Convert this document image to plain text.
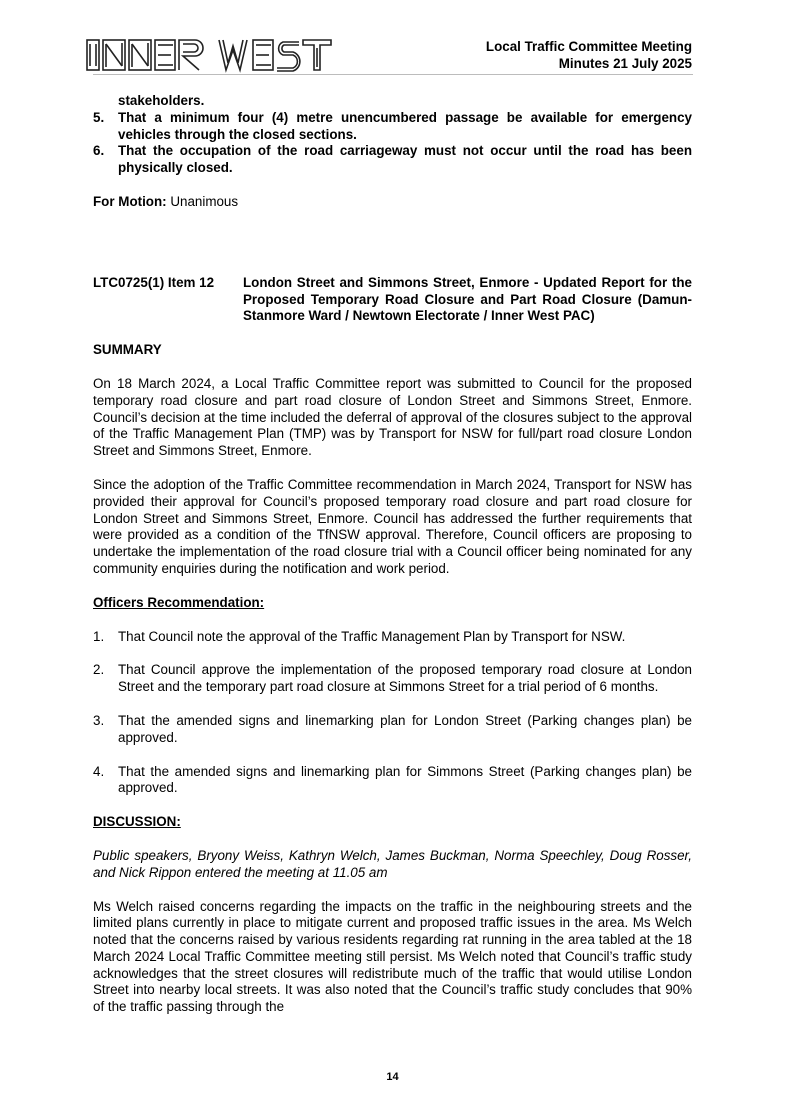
Local Traffic Committee Meeting
Minutes 21 July 2025
stakeholders.
5.	That a minimum four (4) metre unencumbered passage be available for emergency vehicles through the closed sections.
6.	That the occupation of the road carriageway must not occur until the road has been physically closed.

For Motion: Unanimous

LTC0725(1) Item 12	London Street and Simmons Street, Enmore - Updated Report for the Proposed Temporary Road Closure and Part Road Closure (Damun-Stanmore Ward / Newtown Electorate / Inner West PAC)

SUMMARY

On 18 March 2024, a Local Traffic Committee report was submitted to Council for the proposed temporary road closure and part road closure of London Street and Simmons Street, Enmore. Council’s decision at the time included the deferral of approval of the closures subject to the approval of the Traffic Management Plan (TMP) was by Transport for NSW for full/part road closure London Street and Simmons Street, Enmore.

Since the adoption of the Traffic Committee recommendation in March 2024, Transport for NSW has provided their approval for Council’s proposed temporary road closure and part road closure for London Street and Simmons Street, Enmore. Council has addressed the further requirements that were provided as a condition of the TfNSW approval. Therefore, Council officers are proposing to undertake the implementation of the road closure trial with a Council officer being nominated for any community enquiries during the notification and work period.

Officers Recommendation:

1.	That Council note the approval of the Traffic Management Plan by Transport for NSW.
2.	That Council approve the implementation of the proposed temporary road closure at London Street and the temporary part road closure at Simmons Street for a trial period of 6 months.
3.	That the amended signs and linemarking plan for London Street (Parking changes plan) be approved.
4.	That the amended signs and linemarking plan for Simmons Street (Parking changes plan) be approved.

DISCUSSION:

Public speakers, Bryony Weiss, Kathryn Welch, James Buckman, Norma Speechley, Doug Rosser, and Nick Rippon entered the meeting at 11.05 am

Ms Welch raised concerns regarding the impacts on the traffic in the neighbouring streets and the limited plans currently in place to mitigate current and proposed traffic issues in the area. Ms Welch noted that the concerns raised by various residents regarding rat running in the area tabled at the 18 March 2024 Local Traffic Committee meeting still persist. Ms Welch noted that Council’s traffic study acknowledges that the street closures will redistribute much of the traffic that would utilise London Street into nearby local streets. It was also noted that the Council’s traffic study concludes that 90% of the traffic passing through the

14
